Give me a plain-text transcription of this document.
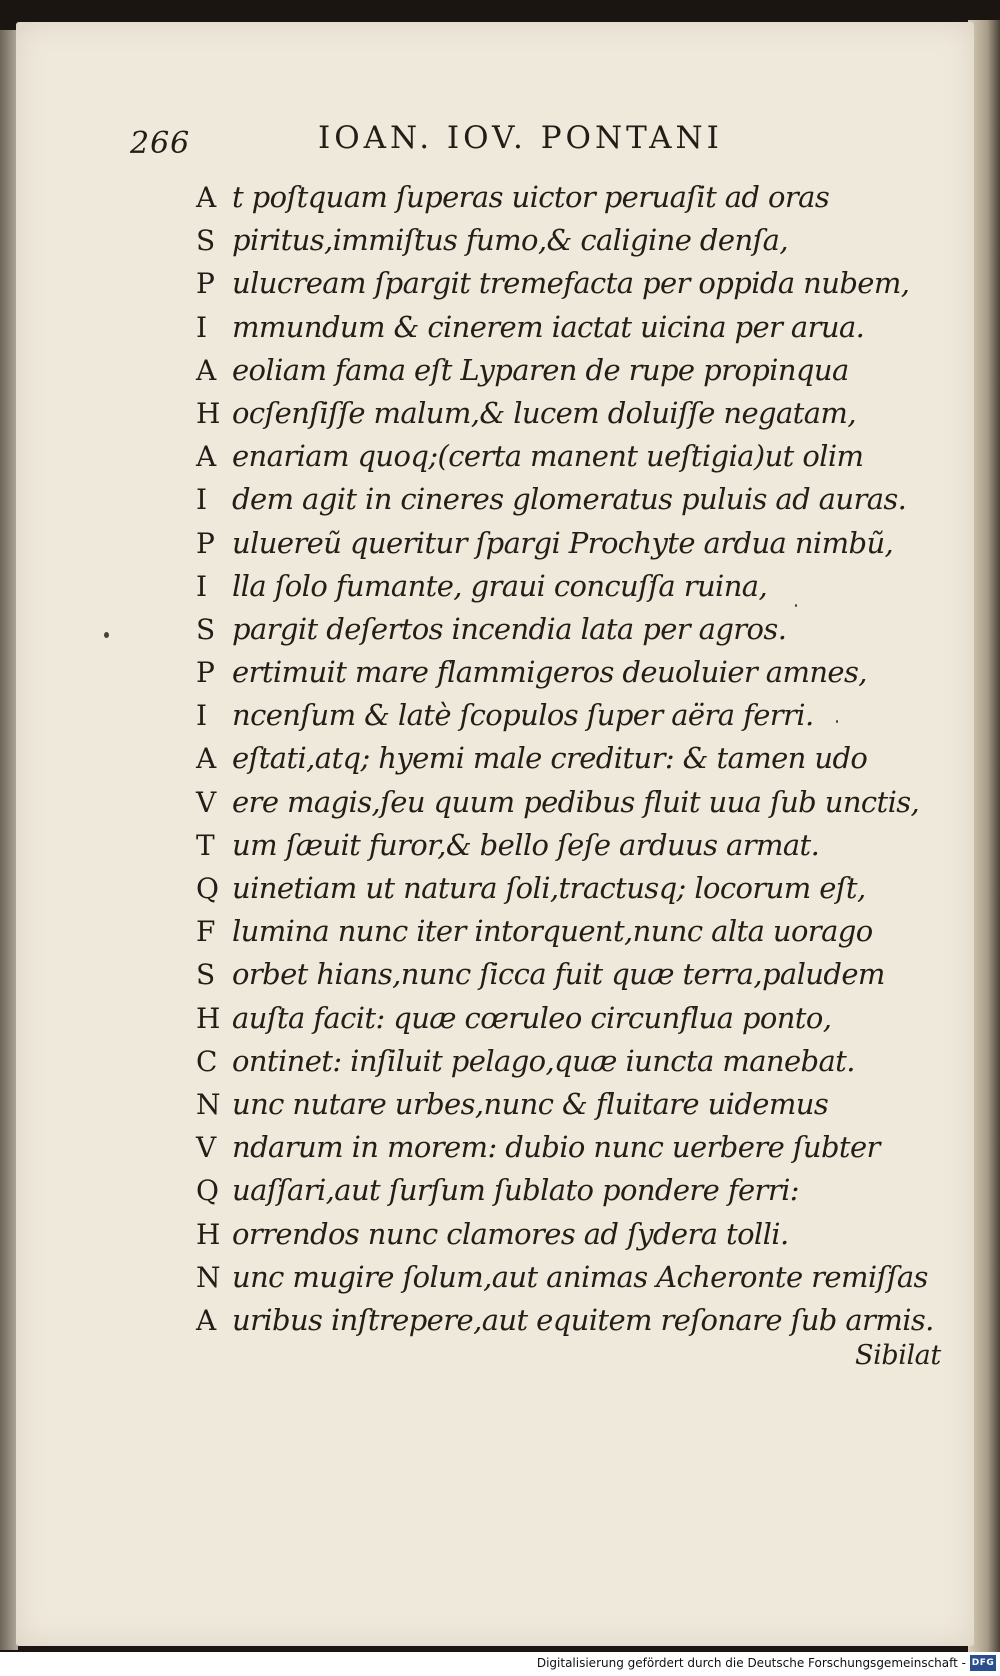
266	IOAN. IOV. PONTANI
A t poſtquam ſuperas uictor peruaſit ad oras
S piritus,immiſtus fumo,& caligine denſa,
P ulucream ſpargit tremefacta per oppida nubem,
I mmundum & cinerem iactat uicina per arua.
A eoliam fama eſt Lyparen de rupe propinqua
H ocſenſiſſe malum,& lucem doluiſſe negatam,
A enariam quoq;(certa manent ueſtigia)ut olim
I dem agit in cineres glomeratus puluis ad auras.
P uluereũ queritur ſpargi Prochyte ardua nimbũ,
I lla ſolo fumante, graui concuſſa ruina,
S pargit deſertos incendia lata per agros.
P ertimuit mare flammigeros deuoluier amnes,
I ncenſum & latè ſcopulos ſuper aëra ferri.
A eſtati,atq; hyemi male creditur: & tamen udo
V ere magis,ſeu quum pedibus fluit uua ſub unctis,
T um ſæuit furor,& bello ſeſe arduus armat.
Q uinetiam ut natura ſoli,tractusq; locorum eſt,
F lumina nunc iter intorquent,nunc alta uorago
S orbet hians,nunc ſicca fuit quæ terra,paludem
H auſta facit: quæ cœruleo circunflua ponto,
C ontinet: inſiluit pelago,quæ iuncta manebat.
N unc nutare urbes,nunc & fluitare uidemus
V ndarum in morem: dubio nunc uerbere ſubter
Q uaſſari,aut ſurſum ſublato pondere ferri:
H orrendos nunc clamores ad ſydera tolli.
N unc mugire ſolum,aut animas Acheronte remiſſas
A uribus inſtrepere,aut equitem reſonare ſub armis.
Sibilat
Digitalisierung gefördert durch die Deutsche Forschungsgemeinschaft - DFG
